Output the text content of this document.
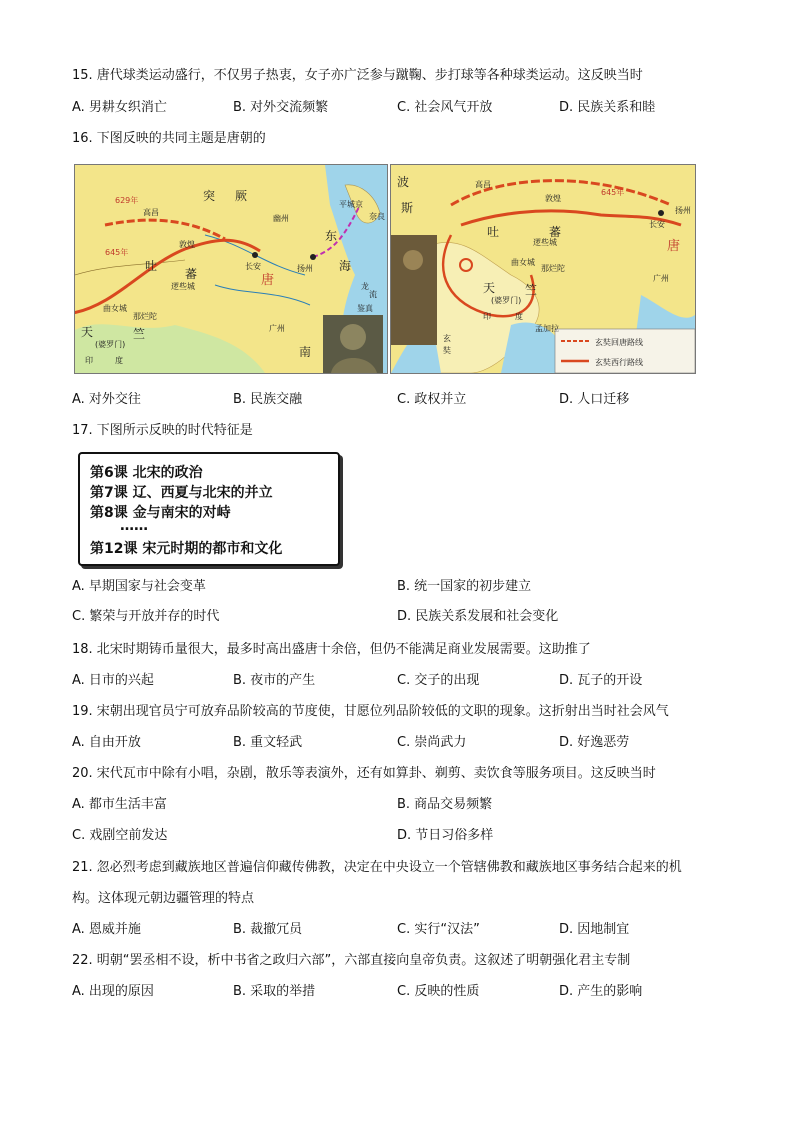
15. 唐代球类运动盛行，不仅男子热衷，女子亦广泛参与蹴鞠、步打球等各种球类运动。这反映当时
A. 男耕女织消亡	B. 对外交流频繁	C. 社会风气开放	D. 民族关系和睦
16. 下图反映的共同主题是唐朝的
突 厥
高昌
敦煌
长安	扬州
吐
蕃
逻些城
曲女城
那烂陀
天	竺
(婆罗门)
印	度
唐
平城京
奈良
东
海
鉴真
南
幽州
广州
629年
645年
龙
流
波
斯
高昌
敦煌
长安
扬州
吐	蕃
逻些城
曲女城
那烂陀
天 竺
(婆罗门)
印	度
唐
广州
玄
奘
孟加拉
645年
玄奘回唐路线
玄奘西行路线
A. 对外交往	B. 民族交融	C. 政权并立	D. 人口迁移
17. 下图所示反映的时代特征是
第6课 北宋的政治
第7课 辽、西夏与北宋的并立
第8课 金与南宋的对峙
……
第12课 宋元时期的都市和文化
A. 早期国家与社会变革	B. 统一国家的初步建立
C. 繁荣与开放并存的时代	D. 民族关系发展和社会变化
18. 北宋时期铸币量很大，最多时高出盛唐十余倍，但仍不能满足商业发展需要。这助推了
A. 日市的兴起	B. 夜市的产生	C. 交子的出现	D. 瓦子的开设
19. 宋朝出现官员宁可放弃品阶较高的节度使，甘愿位列品阶较低的文职的现象。这折射出当时社会风气
A. 自由开放	B. 重文轻武	C. 崇尚武力	D. 好逸恶劳
20. 宋代瓦市中除有小唱，杂剧，散乐等表演外，还有如算卦、剃剪、卖饮食等服务项目。这反映当时
A. 都市生活丰富	B. 商品交易频繁
C. 戏剧空前发达	D. 节日习俗多样
21. 忽必烈考虑到藏族地区普遍信仰藏传佛教，决定在中央设立一个管辖佛教和藏族地区事务结合起来的机
构。这体现元朝边疆管理的特点
A. 恩威并施	B. 裁撤冗员	C. 实行“汉法”	D. 因地制宜
22. 明朝“罢丞相不设，析中书省之政归六部”，六部直接向皇帝负责。这叙述了明朝强化君主专制
A. 出现的原因	B. 采取的举措	C. 反映的性质	D. 产生的影响
